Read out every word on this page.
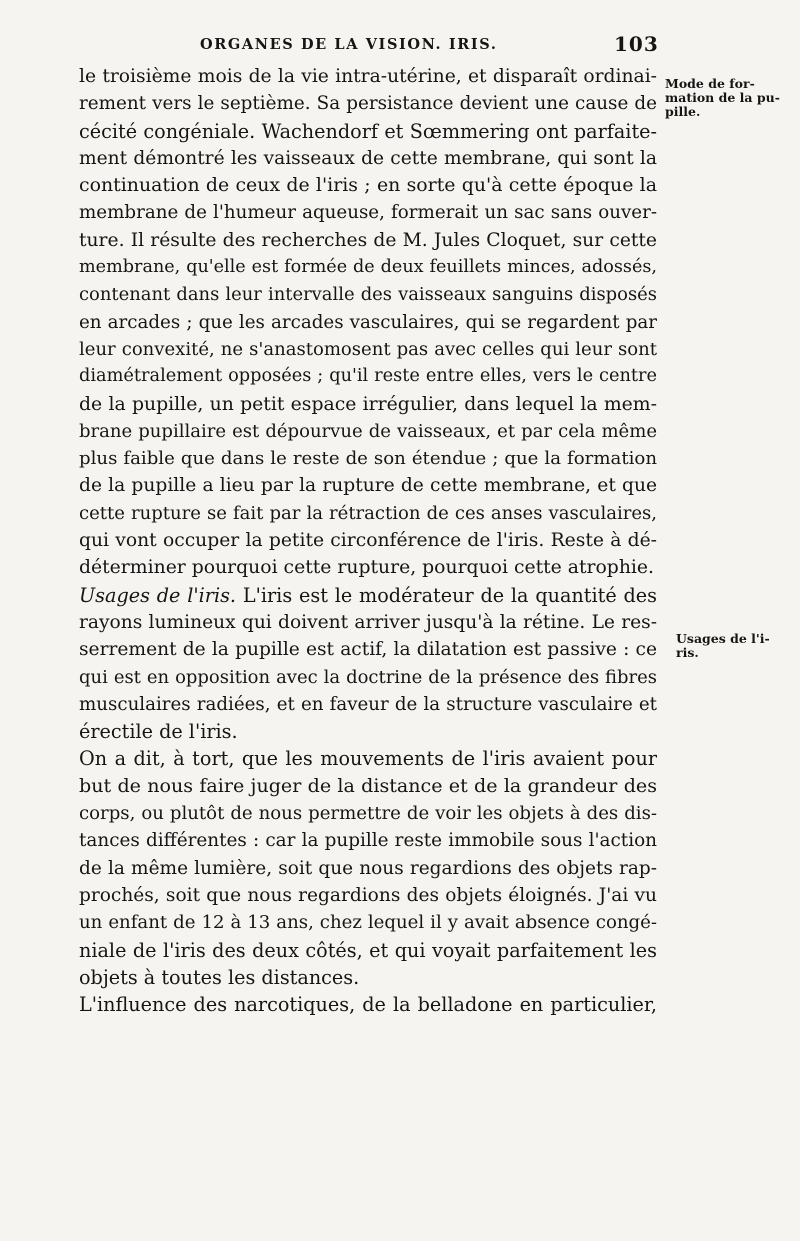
ORGANES DE LA VISION. IRIS.	103
le troisième mois de la vie intra-utérine, et disparaît ordinai-
rement vers le septième. Sa persistance devient une cause de
cécité congéniale. Wachendorf et Sœmmering ont parfaite-
ment démontré les vaisseaux de cette membrane, qui sont la
continuation de ceux de l'iris ; en sorte qu'à cette époque la
membrane de l'humeur aqueuse, formerait un sac sans ouver-
ture. Il résulte des recherches de M. Jules Cloquet, sur cette
membrane, qu'elle est formée de deux feuillets minces, adossés,
contenant dans leur intervalle des vaisseaux sanguins disposés
en arcades ; que les arcades vasculaires, qui se regardent par
leur convexité, ne s'anastomosent pas avec celles qui leur sont
diamétralement opposées ; qu'il reste entre elles, vers le centre
de la pupille, un petit espace irrégulier, dans lequel la mem-
brane pupillaire est dépourvue de vaisseaux, et par cela même
plus faible que dans le reste de son étendue ; que la formation
de la pupille a lieu par la rupture de cette membrane, et que
cette rupture se fait par la rétraction de ces anses vasculaires,
qui vont occuper la petite circonférence de l'iris. Reste à dé-
déterminer pourquoi cette rupture, pourquoi cette atrophie.
Usages de l'iris. L'iris est le modérateur de la quantité des
rayons lumineux qui doivent arriver jusqu'à la rétine. Le res-
serrement de la pupille est actif, la dilatation est passive : ce
qui est en opposition avec la doctrine de la présence des fibres
musculaires radiées, et en faveur de la structure vasculaire et
érectile de l'iris.
On a dit, à tort, que les mouvements de l'iris avaient pour
but de nous faire juger de la distance et de la grandeur des
corps, ou plutôt de nous permettre de voir les objets à des dis-
tances différentes : car la pupille reste immobile sous l'action
de la même lumière, soit que nous regardions des objets rap-
prochés, soit que nous regardions des objets éloignés. J'ai vu
un enfant de 12 à 13 ans, chez lequel il y avait absence congé-
niale de l'iris des deux côtés, et qui voyait parfaitement les
objets à toutes les distances.
L'influence des narcotiques, de la belladone en particulier,
Mode de for-
mation de la pu-
pille.
Usages de l'i-
ris.
